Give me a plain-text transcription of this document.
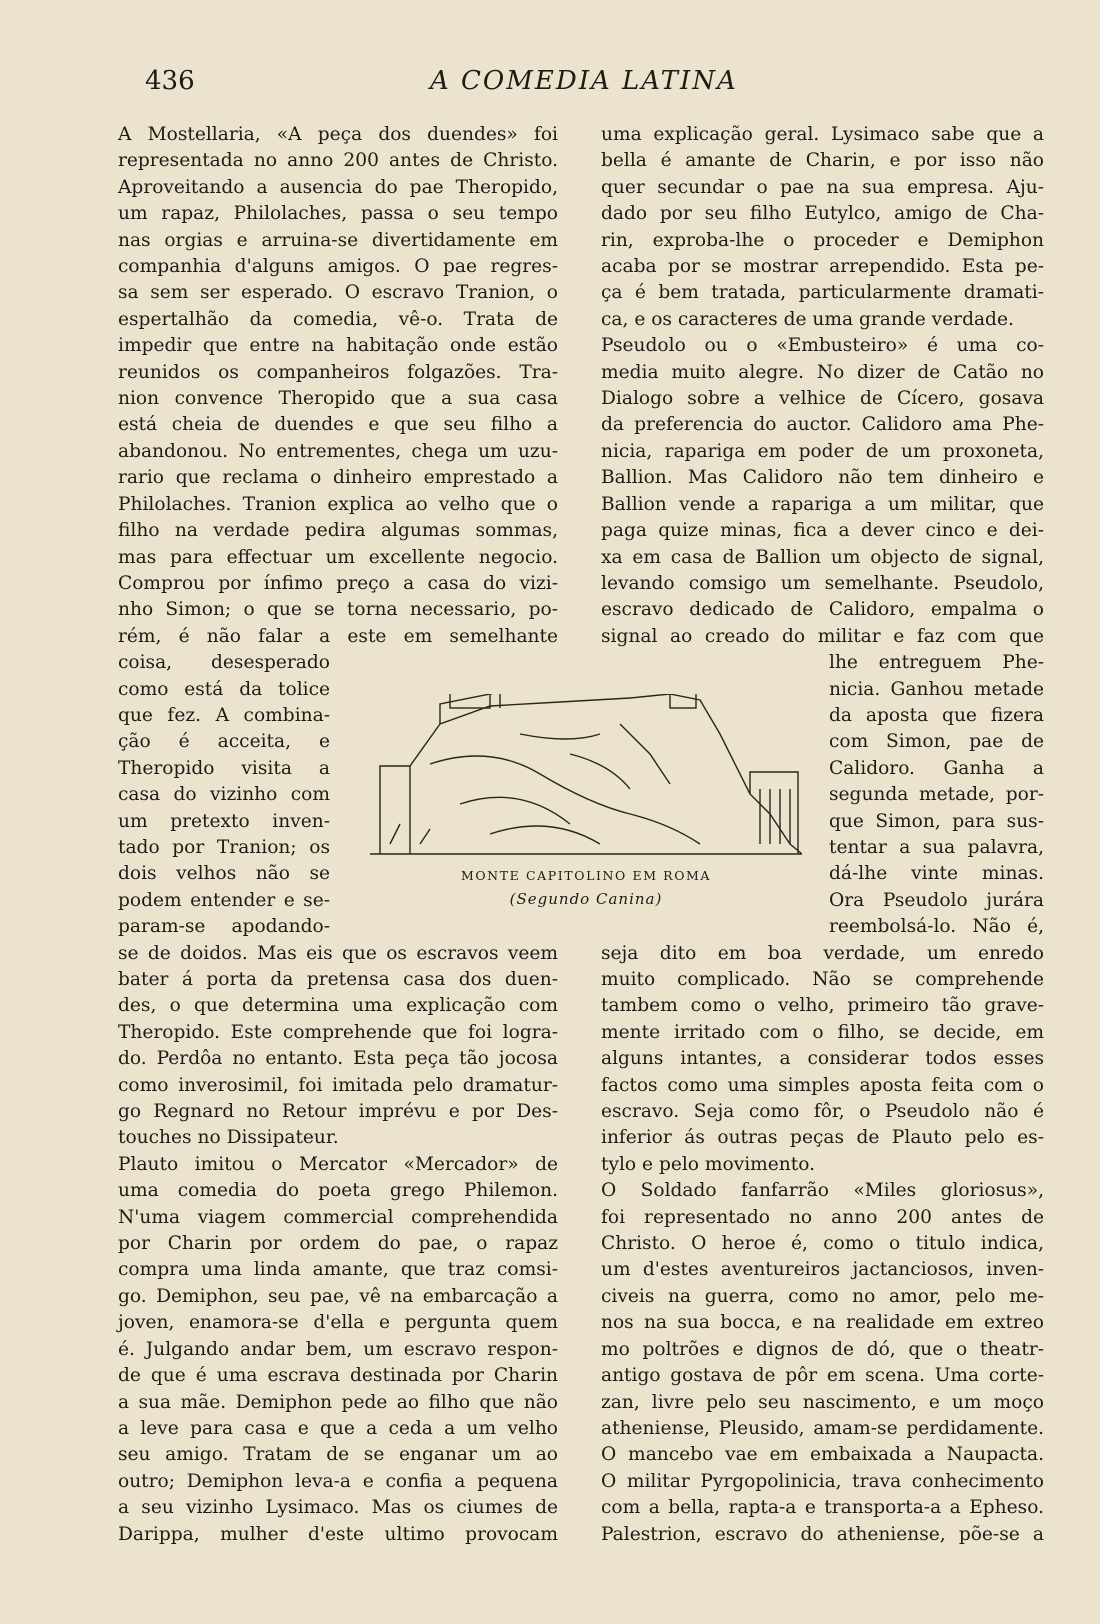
436	A COMEDIA LATINA
A Mostellaria, «A peça dos duendes» foi
representada no anno 200 antes de Christo.
Aproveitando a ausencia do pae Theropido,
um rapaz, Philolaches, passa o seu tempo
nas orgias e arruina-se divertidamente em
companhia d'alguns amigos. O pae regres-
sa sem ser esperado. O escravo Tranion, o
espertalhão da comedia, vê-o. Trata de
impedir que entre na habitação onde estão
reunidos os companheiros folgazões. Tra-
nion convence Theropido que a sua casa
está cheia de duendes e que seu filho a
abandonou. No entrementes, chega um uzu-
rario que reclama o dinheiro emprestado a
Philolaches. Tranion explica ao velho que o
filho na verdade pedira algumas sommas,
mas para effectuar um excellente negocio.
Comprou por ínfimo preço a casa do vizi-
nho Simon; o que se torna necessario, po-
rém, é não falar a este em semelhante
coisa, desesperado
como está da tolice
que fez. A combina-
ção é acceita, e
Theropido visita a
casa do vizinho com
um pretexto inven-
tado por Tranion; os
dois velhos não se
podem entender e se-
param-se apodando-
se de doidos. Mas eis que os escravos veem
bater á porta da pretensa casa dos duen-
des, o que determina uma explicação com
Theropido. Este comprehende que foi logra-
do. Perdôa no entanto. Esta peça tão jocosa
como inverosimil, foi imitada pelo dramatur-
go Regnard no Retour imprévu e por Des-
touches no Dissipateur.
Plauto imitou o Mercator «Mercador» de
uma comedia do poeta grego Philemon.
N'uma viagem commercial comprehendida
por Charin por ordem do pae, o rapaz
compra uma linda amante, que traz comsi-
go. Demiphon, seu pae, vê na embarcação a
joven, enamora-se d'ella e pergunta quem
é. Julgando andar bem, um escravo respon-
de que é uma escrava destinada por Charin
a sua mãe. Demiphon pede ao filho que não
a leve para casa e que a ceda a um velho
seu amigo. Tratam de se enganar um ao
outro; Demiphon leva-a e confia a pequena
a seu vizinho Lysimaco. Mas os ciumes de
Darippa, mulher d'este ultimo provocam
uma explicação geral. Lysimaco sabe que a
bella é amante de Charin, e por isso não
quer secundar o pae na sua empresa. Aju-
dado por seu filho Eutylco, amigo de Cha-
rin, exproba-lhe o proceder e Demiphon
acaba por se mostrar arrependido. Esta pe-
ça é bem tratada, particularmente dramati-
ca, e os caracteres de uma grande verdade.
Pseudolo ou o «Embusteiro» é uma co-
media muito alegre. No dizer de Catão no
Dialogo sobre a velhice de Cícero, gosava
da preferencia do auctor. Calidoro ama Phe-
nicia, rapariga em poder de um proxoneta,
Ballion. Mas Calidoro não tem dinheiro e
Ballion vende a rapariga a um militar, que
paga quize minas, fica a dever cinco e dei-
xa em casa de Ballion um objecto de signal,
levando comsigo um semelhante. Pseudolo,
escravo dedicado de Calidoro, empalma o
signal ao creado do militar e faz com que
lhe entreguem Phe-
nicia. Ganhou metade
da aposta que fizera
com Simon, pae de
Calidoro. Ganha a
segunda metade, por-
que Simon, para sus-
tentar a sua palavra,
dá-lhe vinte minas.
Ora Pseudolo jurára
reembolsá-lo. Não é,
seja dito em boa verdade, um enredo
muito complicado. Não se comprehende
tambem como o velho, primeiro tão grave-
mente irritado com o filho, se decide, em
alguns intantes, a considerar todos esses
factos como uma simples aposta feita com o
escravo. Seja como fôr, o Pseudolo não é
inferior ás outras peças de Plauto pelo es-
tylo e pelo movimento.
O Soldado fanfarrão «Miles gloriosus»,
foi representado no anno 200 antes de
Christo. O heroe é, como o titulo indica,
um d'estes aventureiros jactanciosos, inven-
civeis na guerra, como no amor, pelo me-
nos na sua bocca, e na realidade em extreo
mo poltrões e dignos de dó, que o theatr-
antigo gostava de pôr em scena. Uma corte-
zan, livre pelo seu nascimento, e um moço
atheniense, Pleusido, amam-se perdidamente.
O mancebo vae em embaixada a Naupacta.
O militar Pyrgopolinicia, trava conhecimento
com a bella, rapta-a e transporta-a a Epheso.
Palestrion, escravo do atheniense, põe-se a
MONTE CAPITOLINO EM ROMA
(Segundo Canina)
